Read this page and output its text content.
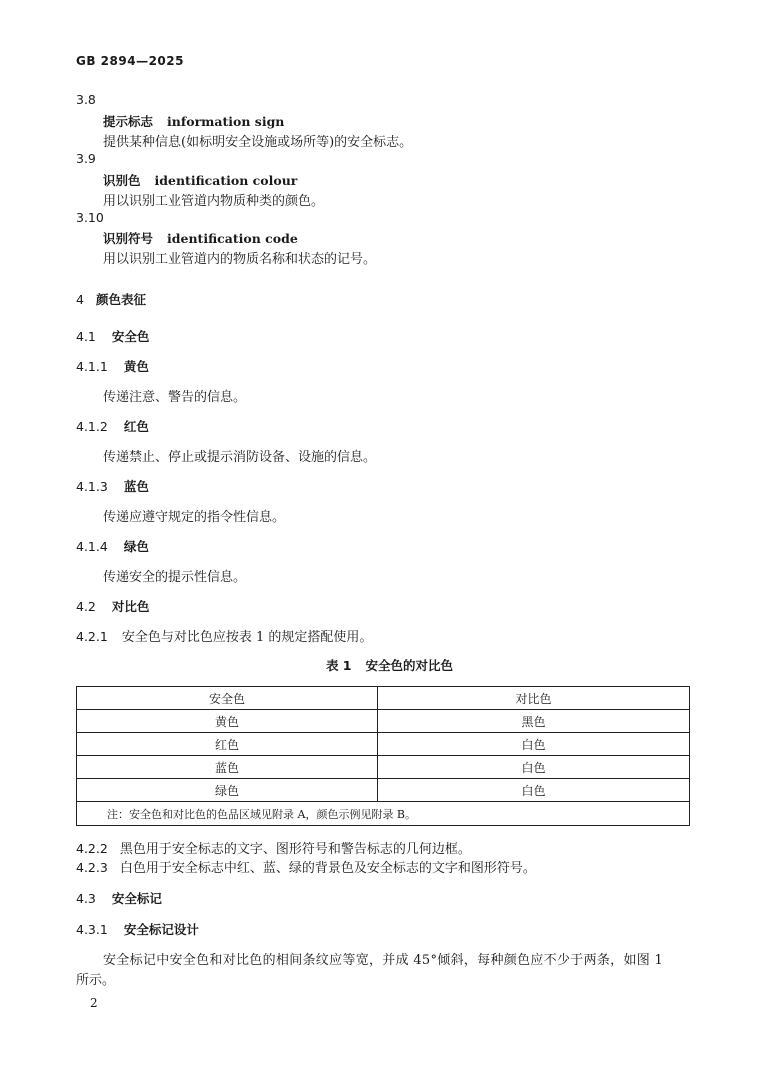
GB 2894—2025
3.8
提示标志 information sign
提供某种信息(如标明安全设施或场所等)的安全标志。
3.9
识别色 identification colour
用以识别工业管道内物质种类的颜色。
3.10
识别符号 identification code
用以识别工业管道内的物质名称和状态的记号。
4 颜色表征
4.1 安全色
4.1.1 黄色
传递注意、警告的信息。
4.1.2 红色
传递禁止、停止或提示消防设备、设施的信息。
4.1.3 蓝色
传递应遵守规定的指令性信息。
4.1.4 绿色
传递安全的提示性信息。
4.2 对比色
4.2.1 安全色与对比色应按表 1 的规定搭配使用。
表 1 安全色的对比色
安全色	对比色
黄色	黑色
红色	白色
蓝色	白色
绿色	白色
注：安全色和对比色的色品区域见附录 A，颜色示例见附录 B。	
4.2.2 黑色用于安全标志的文字、图形符号和警告标志的几何边框。
4.2.3 白色用于安全标志中红、蓝、绿的背景色及安全标志的文字和图形符号。
4.3 安全标记
4.3.1 安全标记设计
安全标记中安全色和对比色的相间条纹应等宽，并成 45°倾斜，每种颜色应不少于两条，如图 1
所示。
2
